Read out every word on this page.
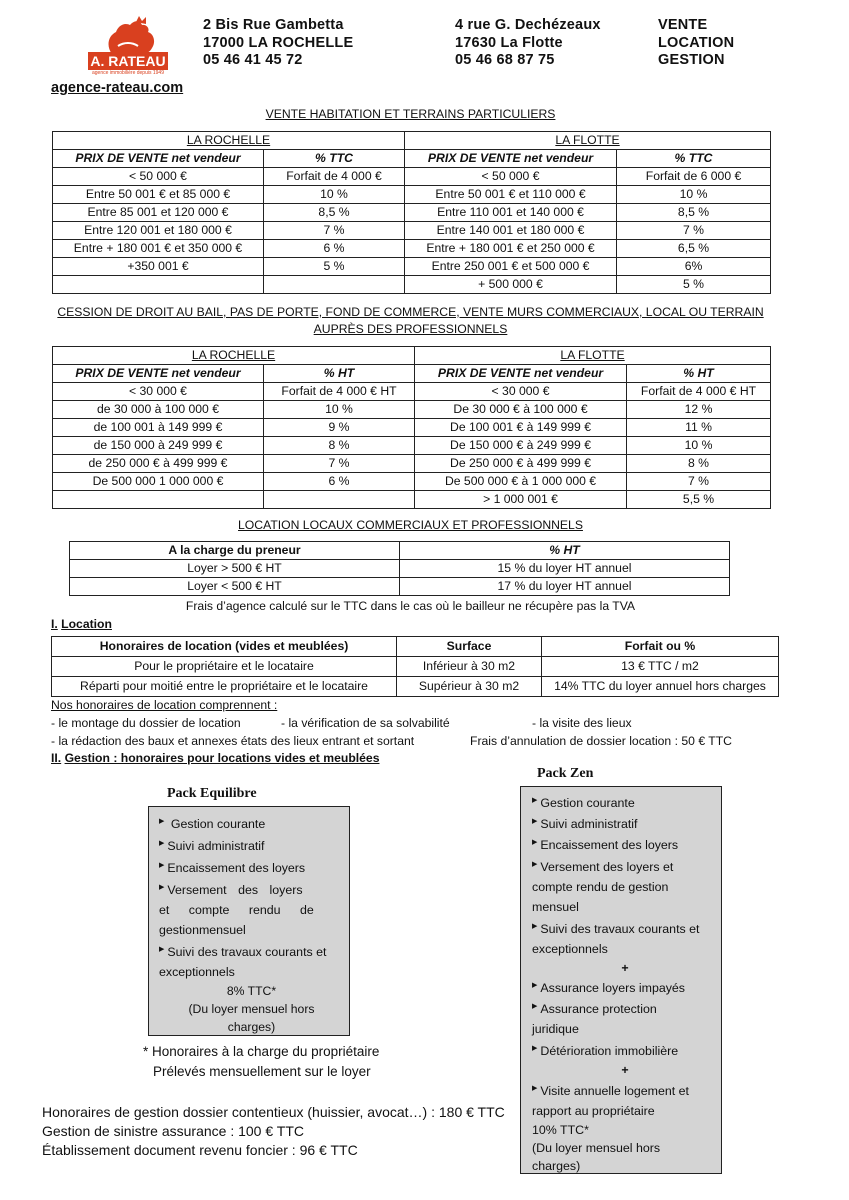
A. RATEAU
agence immobilière depuis 1949
agence-rateau.com
2 Bis Rue Gambetta
17000 LA ROCHELLE
05 46 41 45 72
4 rue G. Dechézeaux
17630 La Flotte
05 46 68 87 75
VENTE
LOCATION
GESTION
VENTE HABITATION ET TERRAINS PARTICULIERS
LA ROCHELLE		LA FLOTTE	
PRIX DE VENTE net vendeur	% TTC	PRIX DE VENTE net vendeur	% TTC
< 50 000 €	Forfait de 4 000 €	< 50 000 €	Forfait de 6 000 €
Entre 50 001 € et 85 000 €	10 %	Entre 50 001 € et 110 000 €	10 %
Entre 85 001 et 120 000 €	8,5 %	Entre 110 001 et 140 000 €	8,5 %
Entre 120 001 et 180 000 €	7 %	Entre 140 001 et 180 000 €	7 %
Entre + 180 001 € et 350 000 €	6 %	Entre + 180 001 € et 250 000 €	6,5 %
+350 001 €	5 %	Entre 250 001 € et 500 000 €	6%
		+ 500 000 €	5 %
CESSION DE DROIT AU BAIL, PAS DE PORTE, FOND DE COMMERCE, VENTE MURS COMMERCIAUX, LOCAL OU TERRAIN
AUPRÈS DES PROFESSIONNELS
LA ROCHELLE		LA FLOTTE	
PRIX DE VENTE net vendeur	% HT	PRIX DE VENTE net vendeur	% HT
< 30 000 €	Forfait de 4 000 € HT	< 30 000 €	Forfait de 4 000 € HT
de 30 000 à 100 000 €	10 %	De 30 000 € à 100 000 €	12 %
de 100 001 à 149 999 €	9 %	De 100 001 € à 149 999 €	11 %
de 150 000 à 249 999 €	8 %	De 150 000 € à 249 999 €	10 %
de 250 000 € à 499 999 €	7 %	De 250 000 € à 499 999 €	8 %
De 500 000 1 000 000 €	6 %	De 500 000 € à 1 000 000 €	7 %
		> 1 000 001 €	5,5 %
LOCATION LOCAUX COMMERCIAUX ET PROFESSIONNELS
A la charge du preneur	% HT
Loyer > 500 € HT	15 % du loyer HT annuel
Loyer < 500 € HT	17 % du loyer HT annuel
Frais d’agence calculé sur le TTC dans le cas où le bailleur ne récupère pas la TVA
I. Location
Honoraires de location (vides et meublées)	Surface	Forfait ou %
Pour le propriétaire et le locataire	Inférieur à 30 m2	13 € TTC / m2
Réparti pour moitié entre le propriétaire et le locataire	Supérieur à 30 m2	14% TTC du loyer annuel hors charges
Nos honoraires de location comprennent :
- le montage du dossier de location	- la vérification de sa solvabilité	- la visite des lieux
- la rédaction des baux et annexes états des lieux entrant et sortant	Frais d’annulation de dossier location : 50 € TTC
II. Gestion : honoraires pour locations vides et meublées
Pack Equilibre
▶ Gestion courante
▶ Suivi administratif
▶ Encaissement des loyers
▶ Versement des loyers
et compte rendu de
gestionmensuel
▶ Suivi des travaux courants et
exceptionnels
8% TTC*
(Du loyer mensuel hors
charges)
* Honoraires à la charge du propriétaire
Prélevés mensuellement sur le loyer
Pack Zen
▶ Gestion courante
▶ Suivi administratif
▶ Encaissement des loyers
▶ Versement des loyers et
compte rendu de gestion
mensuel
▶ Suivi des travaux courants et
exceptionnels
+
▶ Assurance loyers impayés
▶ Assurance protection
juridique
▶ Détérioration immobilière
+
▶ Visite annuelle logement et
rapport au propriétaire
10% TTC*
(Du loyer mensuel hors
charges)
Honoraires de gestion dossier contentieux (huissier, avocat…) : 180 € TTC
Gestion de sinistre assurance : 100 € TTC
Établissement document revenu foncier : 96 € TTC
